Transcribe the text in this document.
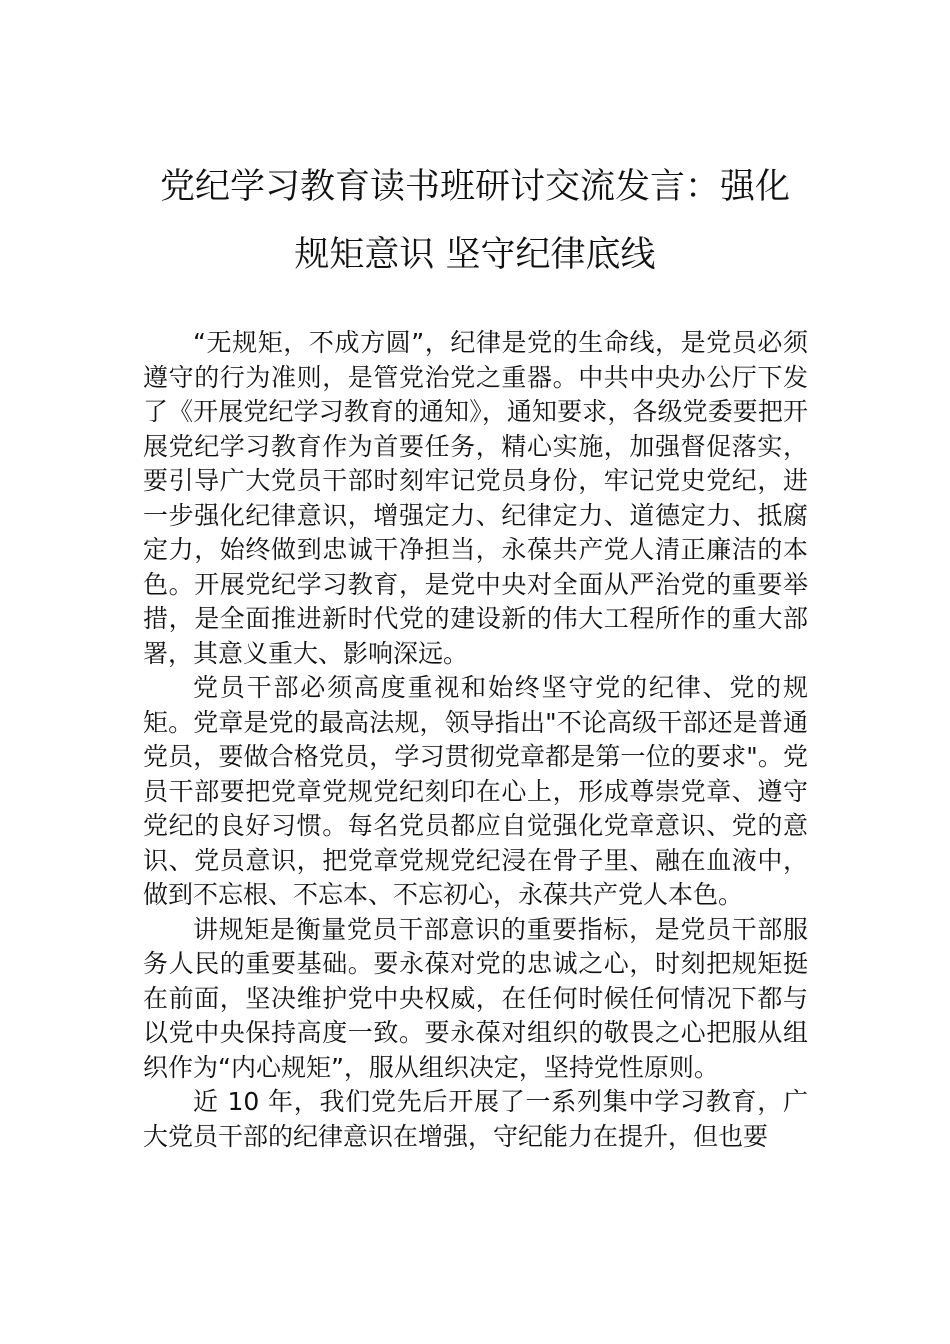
党纪学习教育读书班研讨交流发言：强化
规矩意识 坚守纪律底线

“无规矩，不成方圆”，纪律是党的生命线，是党员必须遵守的行为准则，是管党治党之重器。中共中央办公厅下发了《开展党纪学习教育的通知》，通知要求，各级党委要把开展党纪学习教育作为首要任务，精心实施，加强督促落实，要引导广大党员干部时刻牢记党员身份，牢记党史党纪，进一步强化纪律意识，增强定力、纪律定力、道德定力、抵腐定力，始终做到忠诚干净担当，永葆共产党人清正廉洁的本色。开展党纪学习教育，是党中央对全面从严治党的重要举措，是全面推进新时代党的建设新的伟大工程所作的重大部署，其意义重大、影响深远。

党员干部必须高度重视和始终坚守党的纪律、党的规矩。党章是党的最高法规，领导指出"不论高级干部还是普通党员，要做合格党员，学习贯彻党章都是第一位的要求"。党员干部要把党章党规党纪刻印在心上，形成尊崇党章、遵守党纪的良好习惯。每名党员都应自觉强化党章意识、党的意识、党员意识，把党章党规党纪浸在骨子里、融在血液中，做到不忘根、不忘本、不忘初心，永葆共产党人本色。

讲规矩是衡量党员干部意识的重要指标，是党员干部服务人民的重要基础。要永葆对党的忠诚之心，时刻把规矩挺在前面，坚决维护党中央权威，在任何时候任何情况下都与以党中央保持高度一致。要永葆对组织的敬畏之心把服从组织作为“内心规矩”，服从组织决定，坚持党性原则。

近 10 年，我们党先后开展了一系列集中学习教育，广大党员干部的纪律意识在增强，守纪能力在提升，但也要
